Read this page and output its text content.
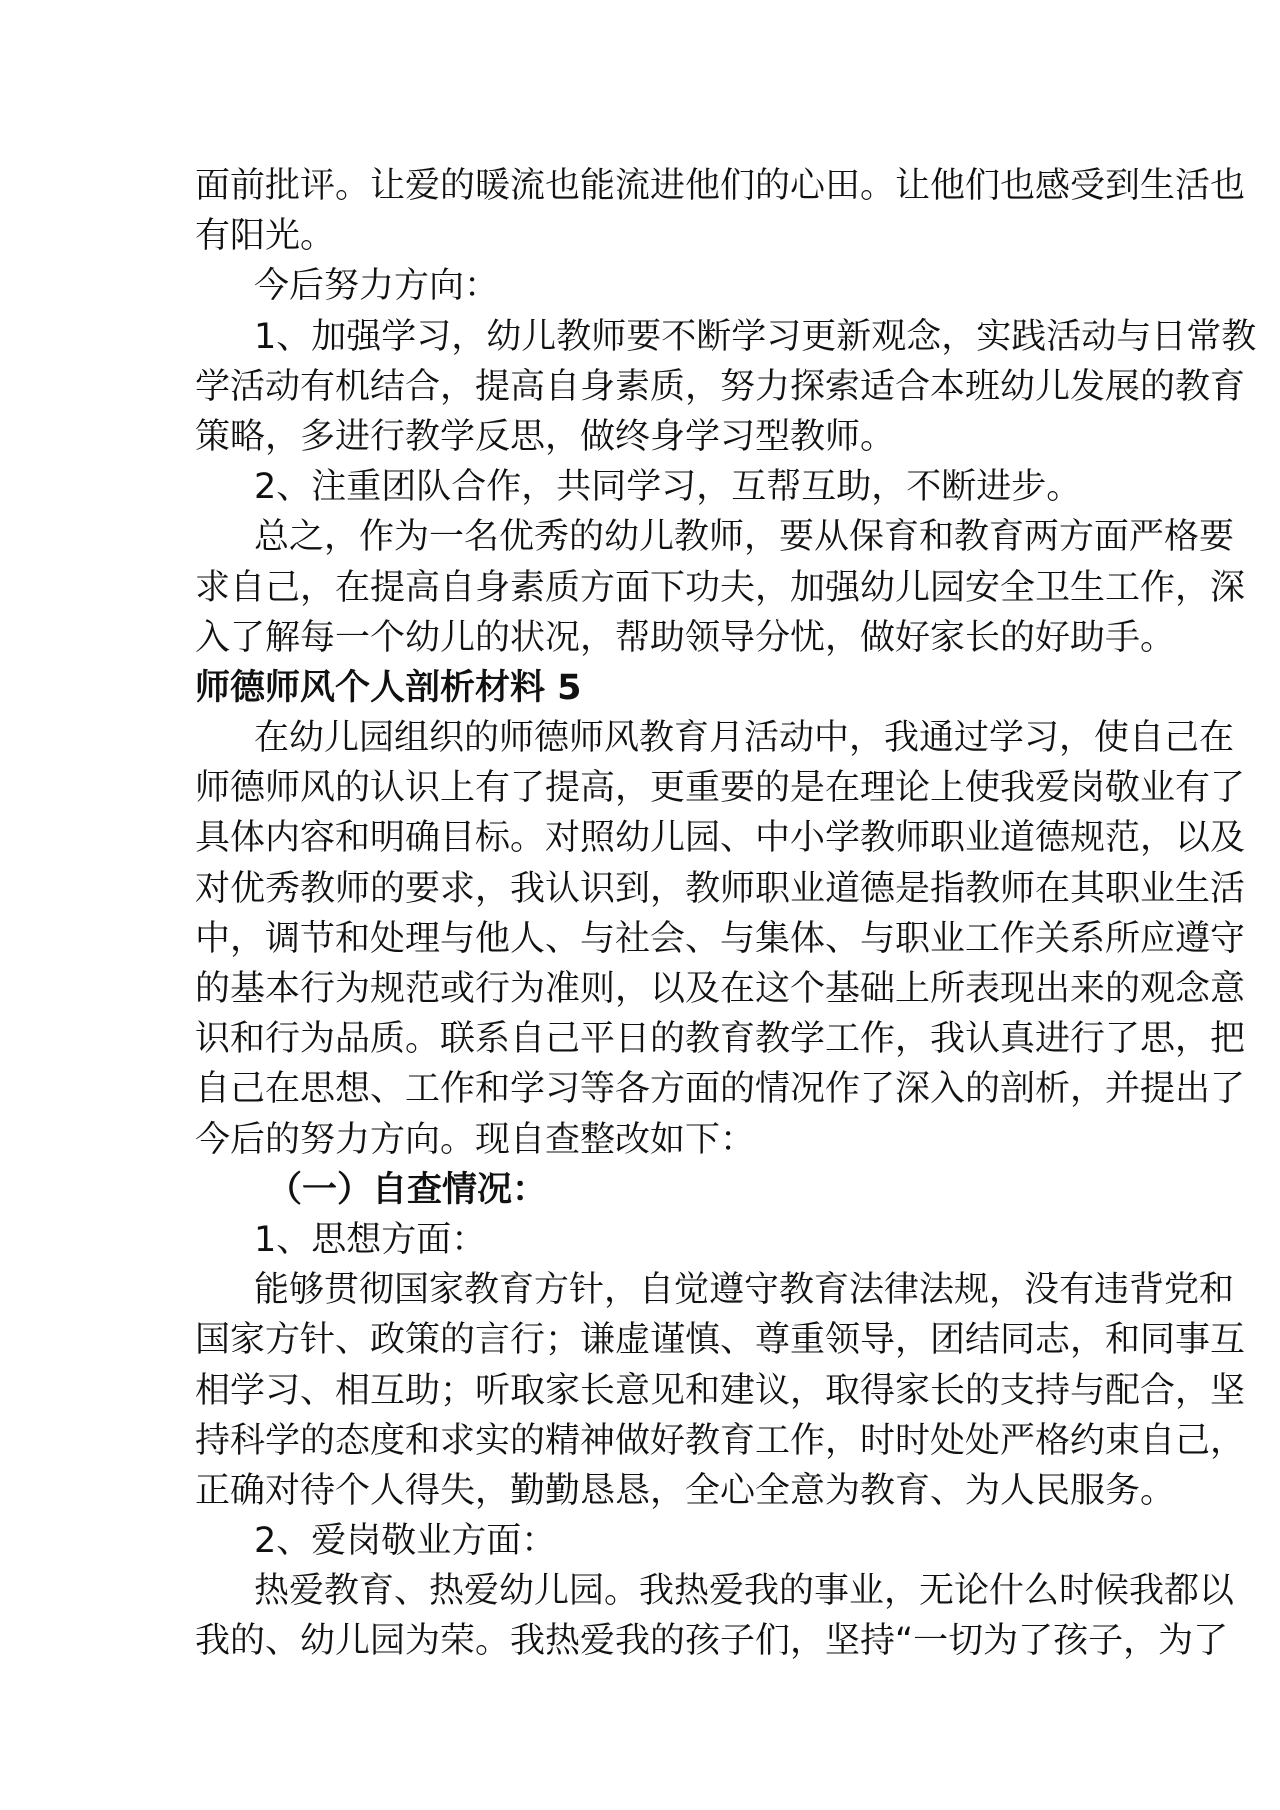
面前批评。让爱的暖流也能流进他们的心田。让他们也感受到生活也
有阳光。
今后努力方向：
1、加强学习，幼儿教师要不断学习更新观念，实践活动与日常教
学活动有机结合，提高自身素质，努力探索适合本班幼儿发展的教育
策略，多进行教学反思，做终身学习型教师。
2、注重团队合作，共同学习，互帮互助，不断进步。
总之，作为一名优秀的幼儿教师，要从保育和教育两方面严格要
求自己，在提高自身素质方面下功夫，加强幼儿园安全卫生工作，深
入了解每一个幼儿的状况，帮助领导分忧，做好家长的好助手。
师德师风个人剖析材料 5
在幼儿园组织的师德师风教育月活动中，我通过学习，使自己在
师德师风的认识上有了提高，更重要的是在理论上使我爱岗敬业有了
具体内容和明确目标。对照幼儿园、中小学教师职业道德规范，以及
对优秀教师的要求，我认识到，教师职业道德是指教师在其职业生活
中，调节和处理与他人、与社会、与集体、与职业工作关系所应遵守
的基本行为规范或行为准则，以及在这个基础上所表现出来的观念意
识和行为品质。联系自己平日的教育教学工作，我认真进行了思，把
自己在思想、工作和学习等各方面的情况作了深入的剖析，并提出了
今后的努力方向。现自查整改如下：
（一）自查情况：
1、思想方面：
能够贯彻国家教育方针，自觉遵守教育法律法规，没有违背党和
国家方针、政策的言行；谦虚谨慎、尊重领导，团结同志，和同事互
相学习、相互助；听取家长意见和建议，取得家长的支持与配合，坚
持科学的态度和求实的精神做好教育工作，时时处处严格约束自己，
正确对待个人得失，勤勤恳恳，全心全意为教育、为人民服务。
2、爱岗敬业方面：
热爱教育、热爱幼儿园。我热爱我的事业，无论什么时候我都以
我的、幼儿园为荣。我热爱我的孩子们，坚持“一切为了孩子，为了
